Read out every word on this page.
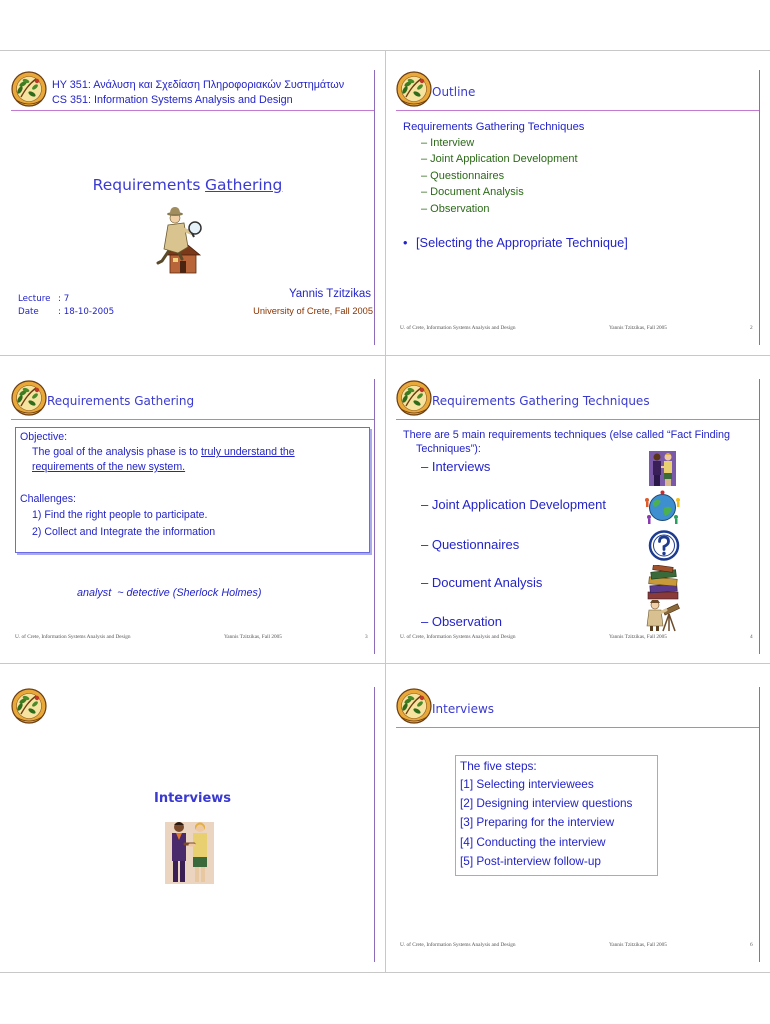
ΗΥ 351: Ανάλυση και Σχεδίαση Πληροφοριακών Συστημάτων
CS 351: Information Systems Analysis and Design
Requirements Gathering
Yannis Tzitzikas
University of Crete, Fall 2005
Lecture : 7
Date : 18-10-2005
Outline
Requirements Gathering Techniques
– Interview
– Joint Application Development
– Questionnaires
– Document Analysis
– Observation
• [Selecting the Appropriate Technique]
U. of Crete, Information Systems Analysis and Design	Yannis Tzitzikas, Fall 2005	2
Requirements Gathering
Objective:
The goal of the analysis phase is to truly understand the
requirements of the new system.
Challenges:
1) Find the right people to participate.
2) Collect and Integrate the information
analyst  ~ detective (Sherlock Holmes)
U. of Crete, Information Systems Analysis and Design	Yannis Tzitzikas, Fall 2005	3
Requirements Gathering Techniques
There are 5 main requirements techniques (else called “Fact Finding
Techniques”):
– Interviews
– Joint Application Development
– Questionnaires
– Document Analysis
– Observation
U. of Crete, Information Systems Analysis and Design	Yannis Tzitzikas, Fall 2005	4
Interviews
Interviews
The five steps:
[1] Selecting interviewees
[2] Designing interview questions
[3] Preparing for the interview
[4] Conducting the interview
[5] Post-interview follow-up
U. of Crete, Information Systems Analysis and Design	Yannis Tzitzikas, Fall 2005	6
